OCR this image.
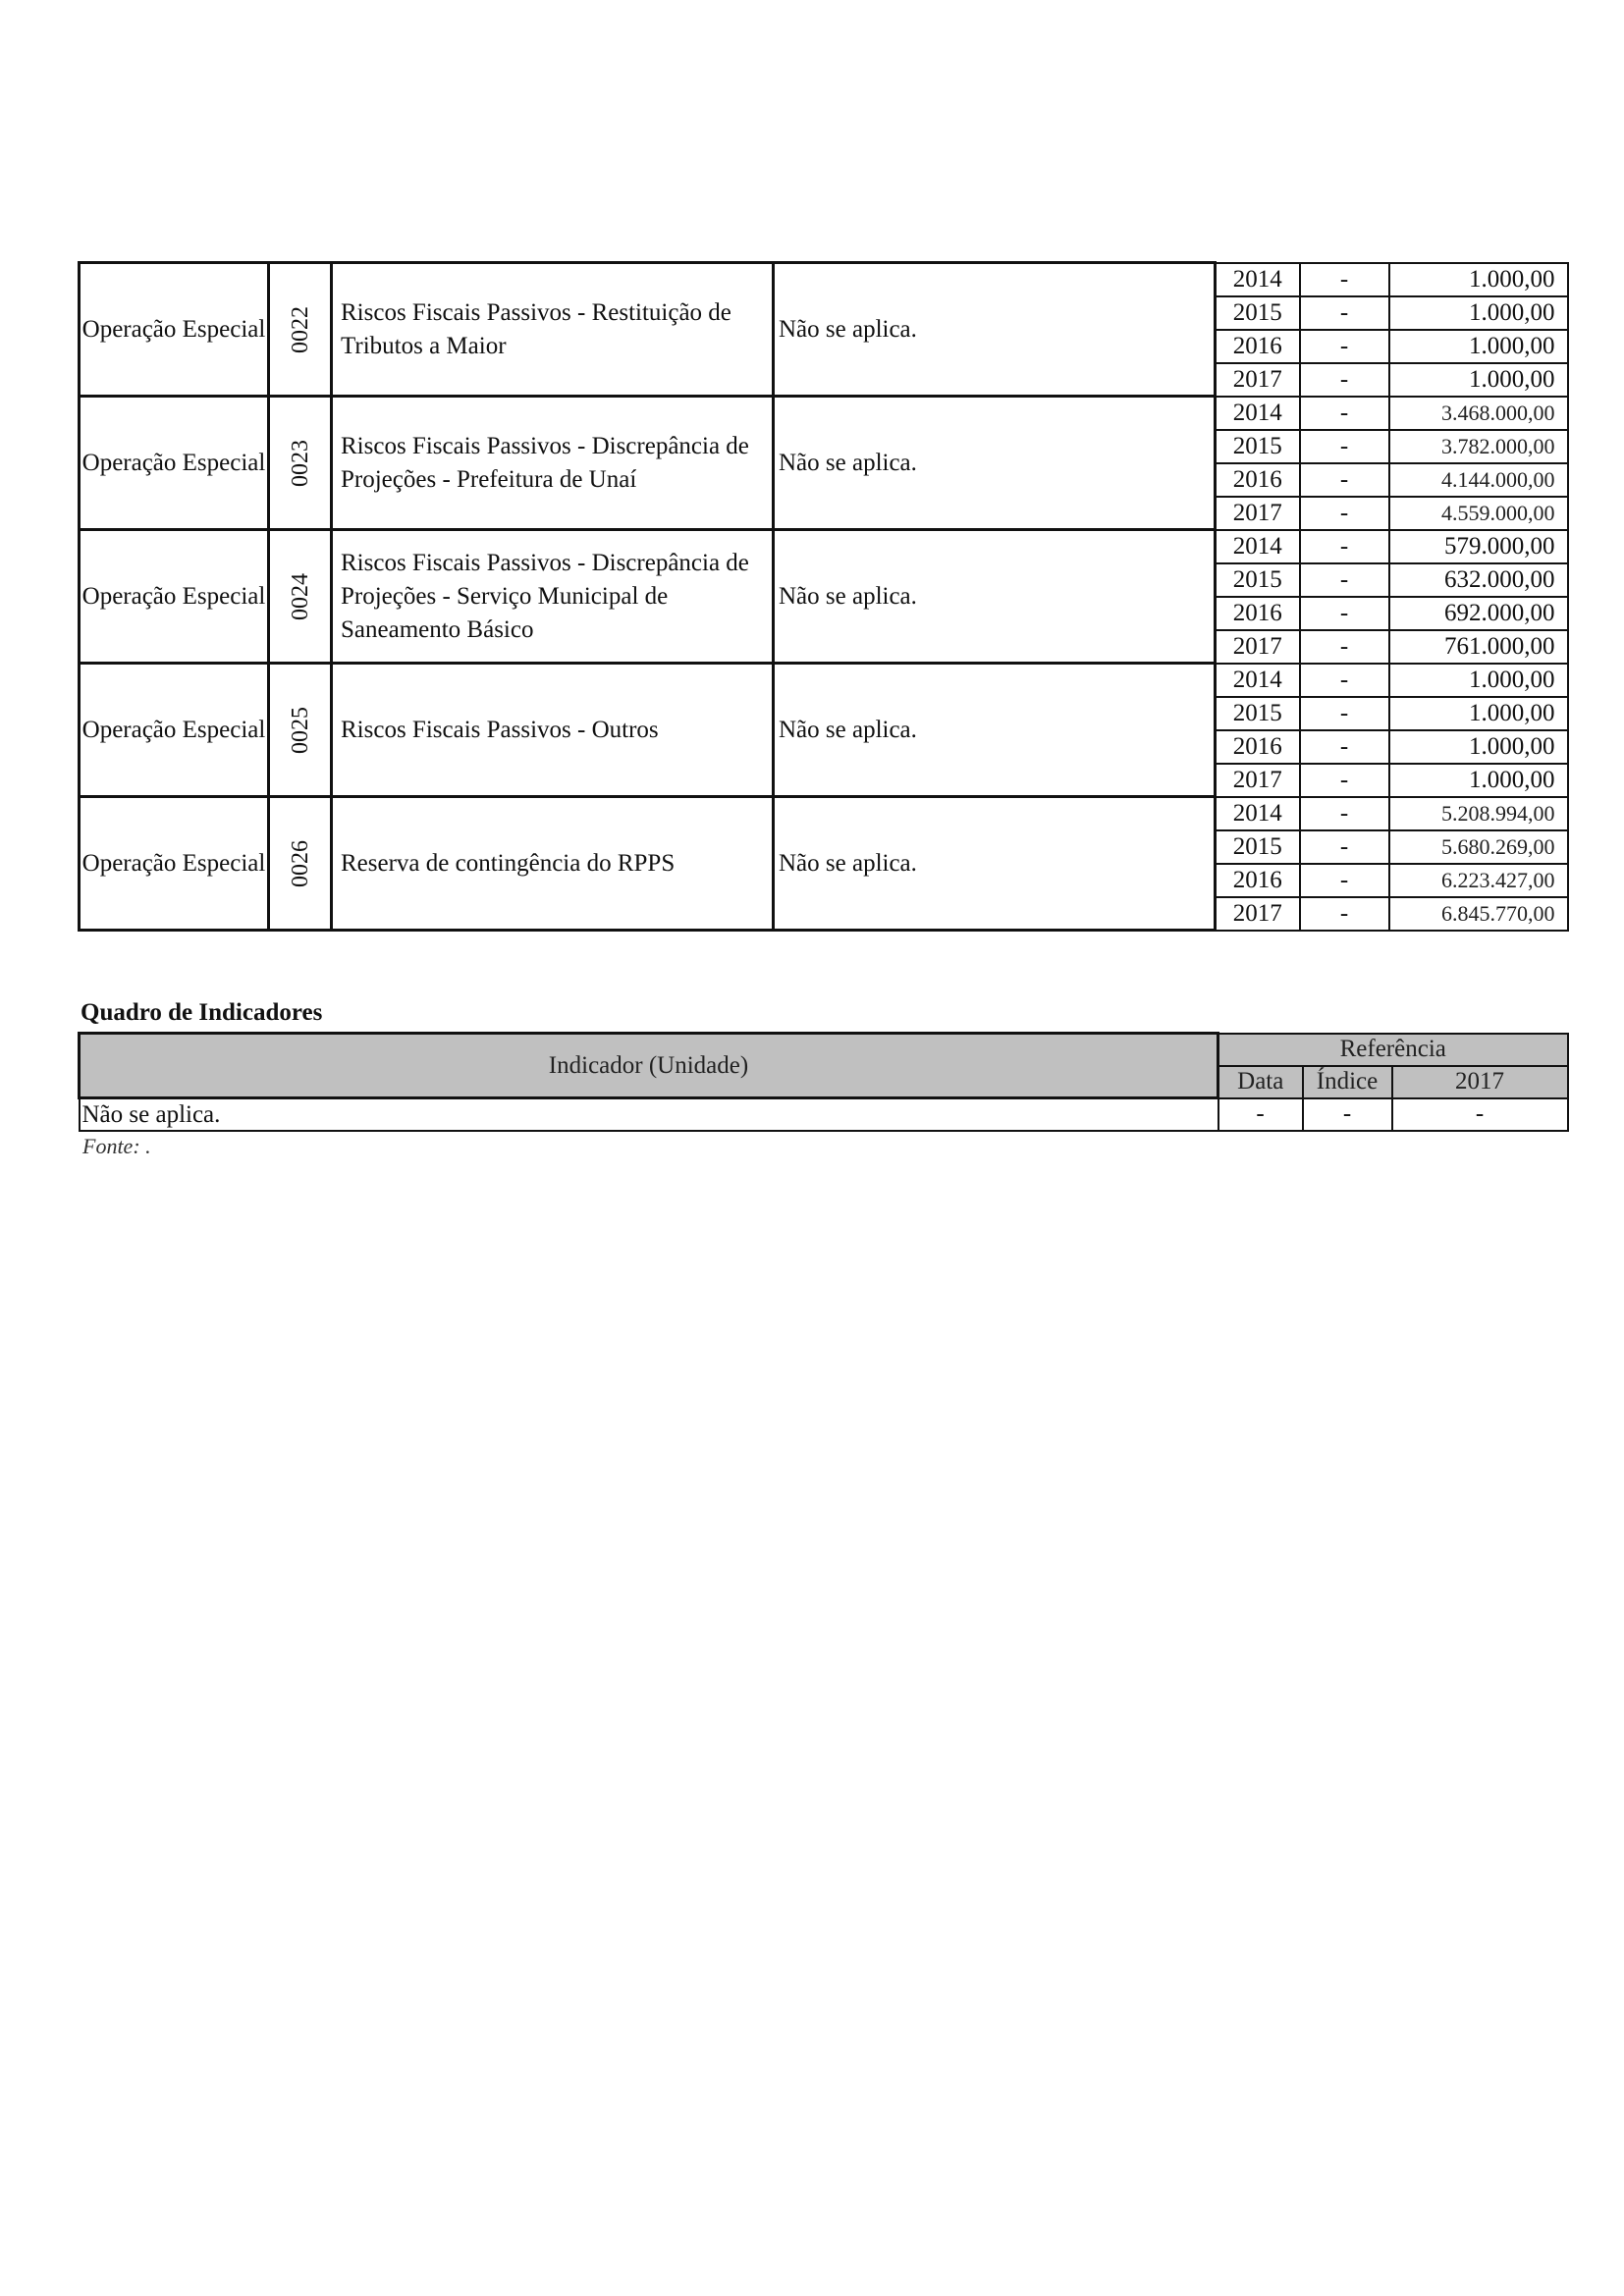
Operação Especial	0022	Riscos Fiscais Passivos - Restituição de Tributos a Maior	Não se aplica.	2014	-	1.000,00
				2015	-	1.000,00
				2016	-	1.000,00
				2017	-	1.000,00
Operação Especial	0023	Riscos Fiscais Passivos - Discrepância de Projeções - Prefeitura de Unaí	Não se aplica.	2014	-	3.468.000,00
				2015	-	3.782.000,00
				2016	-	4.144.000,00
				2017	-	4.559.000,00
Operação Especial	0024	Riscos Fiscais Passivos - Discrepância de Projeções - Serviço Municipal de Saneamento Básico	Não se aplica.	2014	-	579.000,00
				2015	-	632.000,00
				2016	-	692.000,00
				2017	-	761.000,00
Operação Especial	0025	Riscos Fiscais Passivos - Outros	Não se aplica.	2014	-	1.000,00
				2015	-	1.000,00
				2016	-	1.000,00
				2017	-	1.000,00
Operação Especial	0026	Reserva de contingência do RPPS	Não se aplica.	2014	-	5.208.994,00
				2015	-	5.680.269,00
				2016	-	6.223.427,00
				2017	-	6.845.770,00
Quadro de Indicadores
Indicador (Unidade)	Referência		
	Data	Índice	2017
Não se aplica.	-	-	-
Fonte: .
